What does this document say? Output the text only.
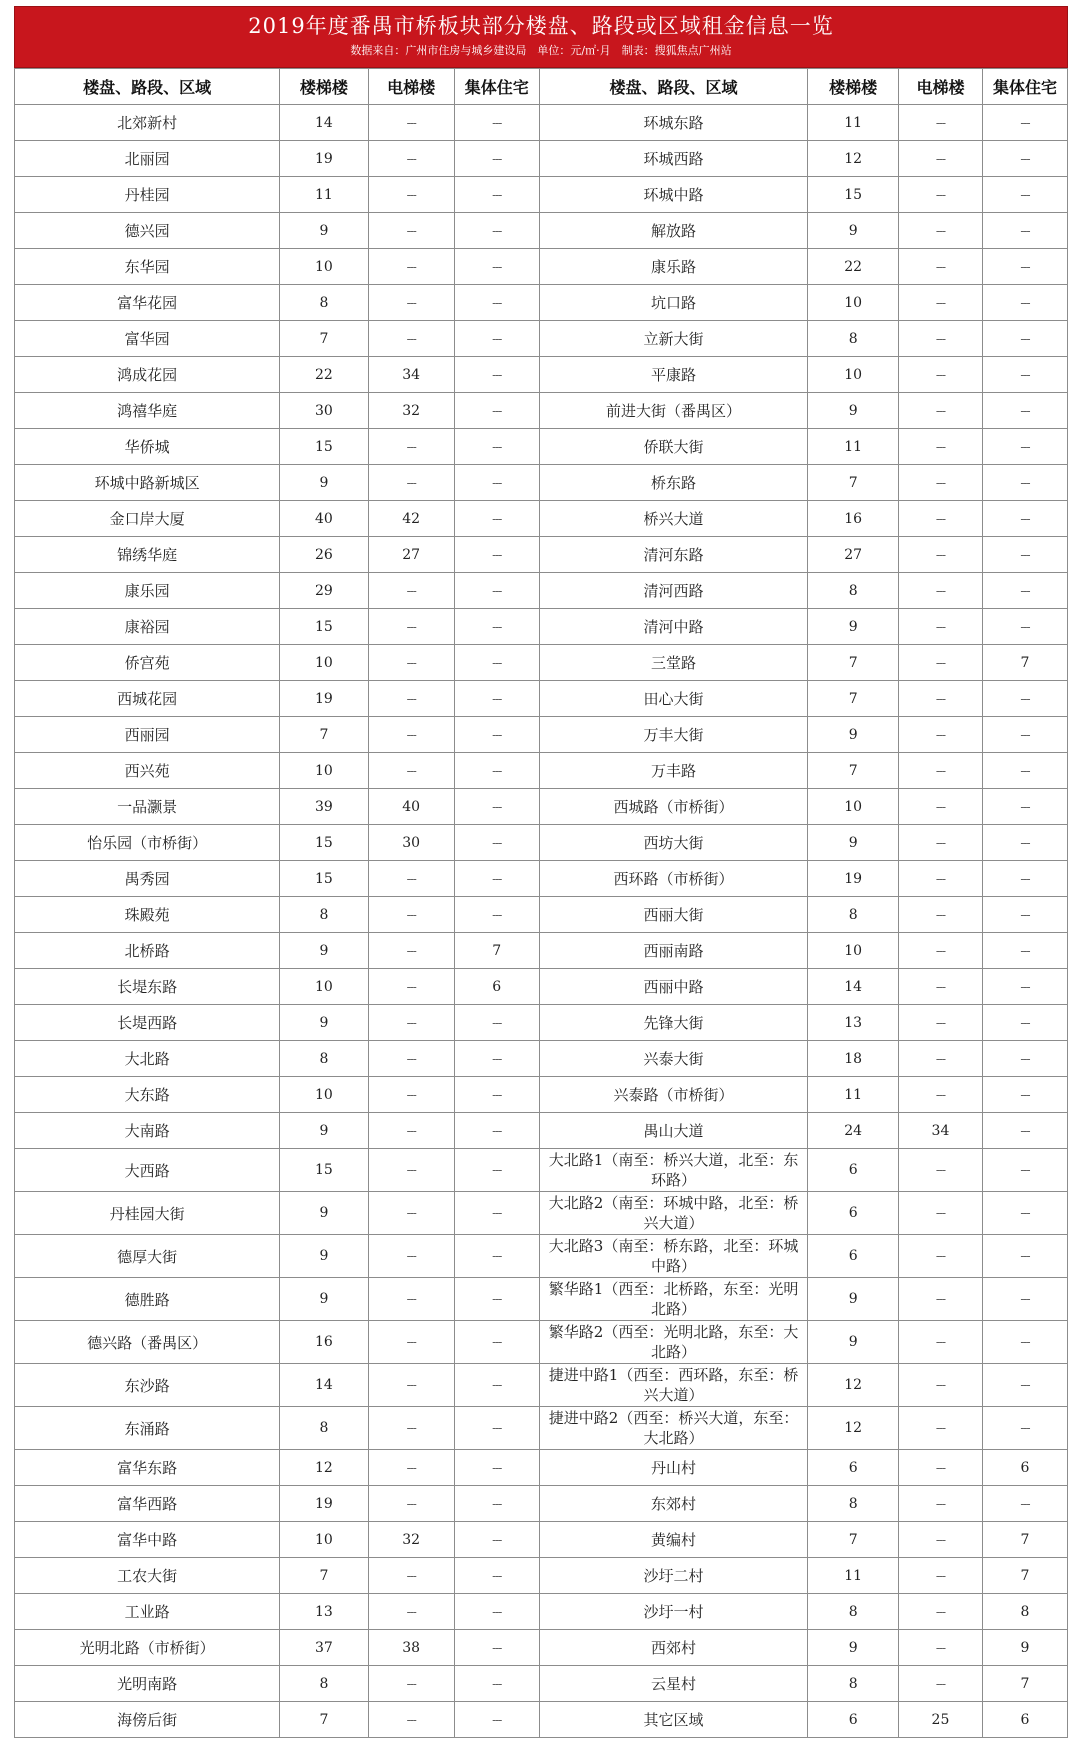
2019年度番禺市桥板块部分楼盘、路段或区域租金信息一览
数据来自：广州市住房与城乡建设局　单位：元/㎡·月　制表：搜狐焦点广州站
楼盘、路段、区域	楼梯楼	电梯楼	集体住宅	楼盘、路段、区域	楼梯楼	电梯楼	集体住宅
北郊新村	14	---	---	环城东路	11	---	---
北丽园	19	---	---	环城西路	12	---	---
丹桂园	11	---	---	环城中路	15	---	---
德兴园	9	---	---	解放路	9	---	---
东华园	10	---	---	康乐路	22	---	---
富华花园	8	---	---	坑口路	10	---	---
富华园	7	---	---	立新大街	8	---	---
鸿成花园	22	34	---	平康路	10	---	---
鸿禧华庭	30	32	---	前进大街（番禺区）	9	---	---
华侨城	15	---	---	侨联大街	11	---	---
环城中路新城区	9	---	---	桥东路	7	---	---
金口岸大厦	40	42	---	桥兴大道	16	---	---
锦绣华庭	26	27	---	清河东路	27	---	---
康乐园	29	---	---	清河西路	8	---	---
康裕园	15	---	---	清河中路	9	---	---
侨宫苑	10	---	---	三堂路	7	---	7
西城花园	19	---	---	田心大街	7	---	---
西丽园	7	---	---	万丰大街	9	---	---
西兴苑	10	---	---	万丰路	7	---	---
一品灏景	39	40	---	西城路（市桥街）	10	---	---
怡乐园（市桥街）	15	30	---	西坊大街	9	---	---
禺秀园	15	---	---	西环路（市桥街）	19	---	---
珠殿苑	8	---	---	西丽大街	8	---	---
北桥路	9	---	7	西丽南路	10	---	---
长堤东路	10	---	6	西丽中路	14	---	---
长堤西路	9	---	---	先锋大街	13	---	---
大北路	8	---	---	兴泰大街	18	---	---
大东路	10	---	---	兴泰路（市桥街）	11	---	---
大南路	9	---	---	禺山大道	24	34	---
大西路	15	---	---	大北路1（南至：桥兴大道，北至：东环路）	6	---	---
丹桂园大街	9	---	---	大北路2（南至：环城中路，北至：桥兴大道）	6	---	---
德厚大街	9	---	---	大北路3（南至：桥东路，北至：环城中路）	6	---	---
德胜路	9	---	---	繁华路1（西至：北桥路，东至：光明北路）	9	---	---
德兴路（番禺区）	16	---	---	繁华路2（西至：光明北路，东至：大北路）	9	---	---
东沙路	14	---	---	捷进中路1（西至：西环路，东至：桥兴大道）	12	---	---
东涌路	8	---	---	捷进中路2（西至：桥兴大道，东至：大北路）	12	---	---
富华东路	12	---	---	丹山村	6	---	6
富华西路	19	---	---	东郊村	8	---	---
富华中路	10	32	---	黄编村	7	---	7
工农大街	7	---	---	沙圩二村	11	---	7
工业路	13	---	---	沙圩一村	8	---	8
光明北路（市桥街）	37	38	---	西郊村	9	---	9
光明南路	8	---	---	云星村	8	---	7
海傍后街	7	---	---	其它区域	6	25	6
